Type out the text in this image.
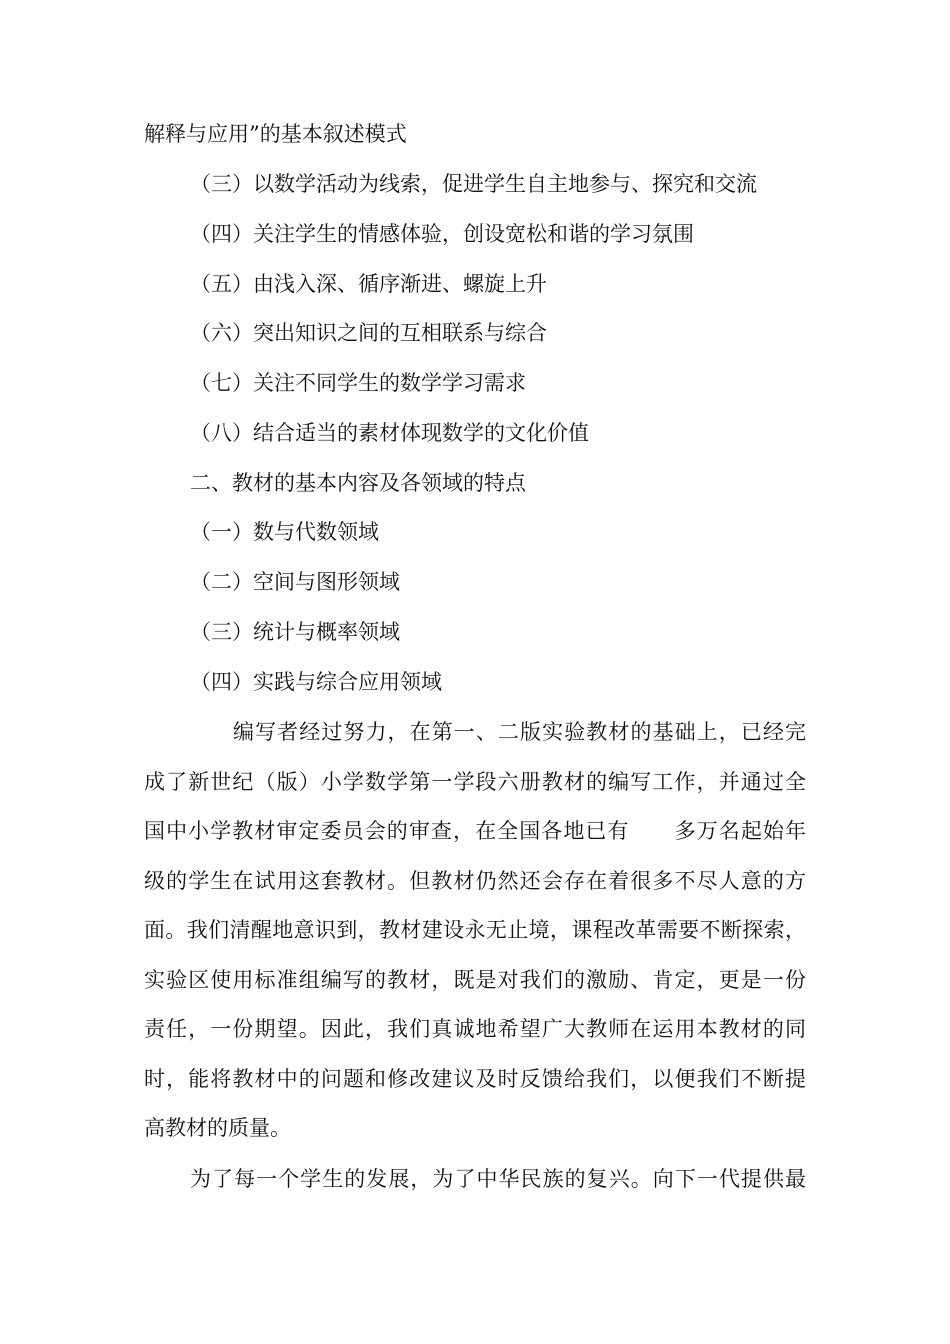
解释与应用”的基本叙述模式
（三）以数学活动为线索，促进学生自主地参与、探究和交流
（四）关注学生的情感体验，创设宽松和谐的学习氛围
（五）由浅入深、循序渐进、螺旋上升
（六）突出知识之间的互相联系与综合
（七）关注不同学生的数学学习需求
（八）结合适当的素材体现数学的文化价值
二、教材的基本内容及各领域的特点
（一）数与代数领域
（二）空间与图形领域
（三）统计与概率领域
（四）实践与综合应用领域
编写者经过努力，在第一、二版实验教材的基础上，已经完
成了新世纪（版）小学数学第一学段六册教材的编写工作，并通过全
国中小学教材审定委员会的审查，在全国各地已有 多万名起始年
级的学生在试用这套教材。但教材仍然还会存在着很多不尽人意的方
面。我们清醒地意识到，教材建设永无止境，课程改革需要不断探索，
实验区使用标准组编写的教材，既是对我们的激励、肯定，更是一份
责任，一份期望。因此，我们真诚地希望广大教师在运用本教材的同
时，能将教材中的问题和修改建议及时反馈给我们，以便我们不断提
高教材的质量。
为了每一个学生的发展，为了中华民族的复兴。向下一代提供最
